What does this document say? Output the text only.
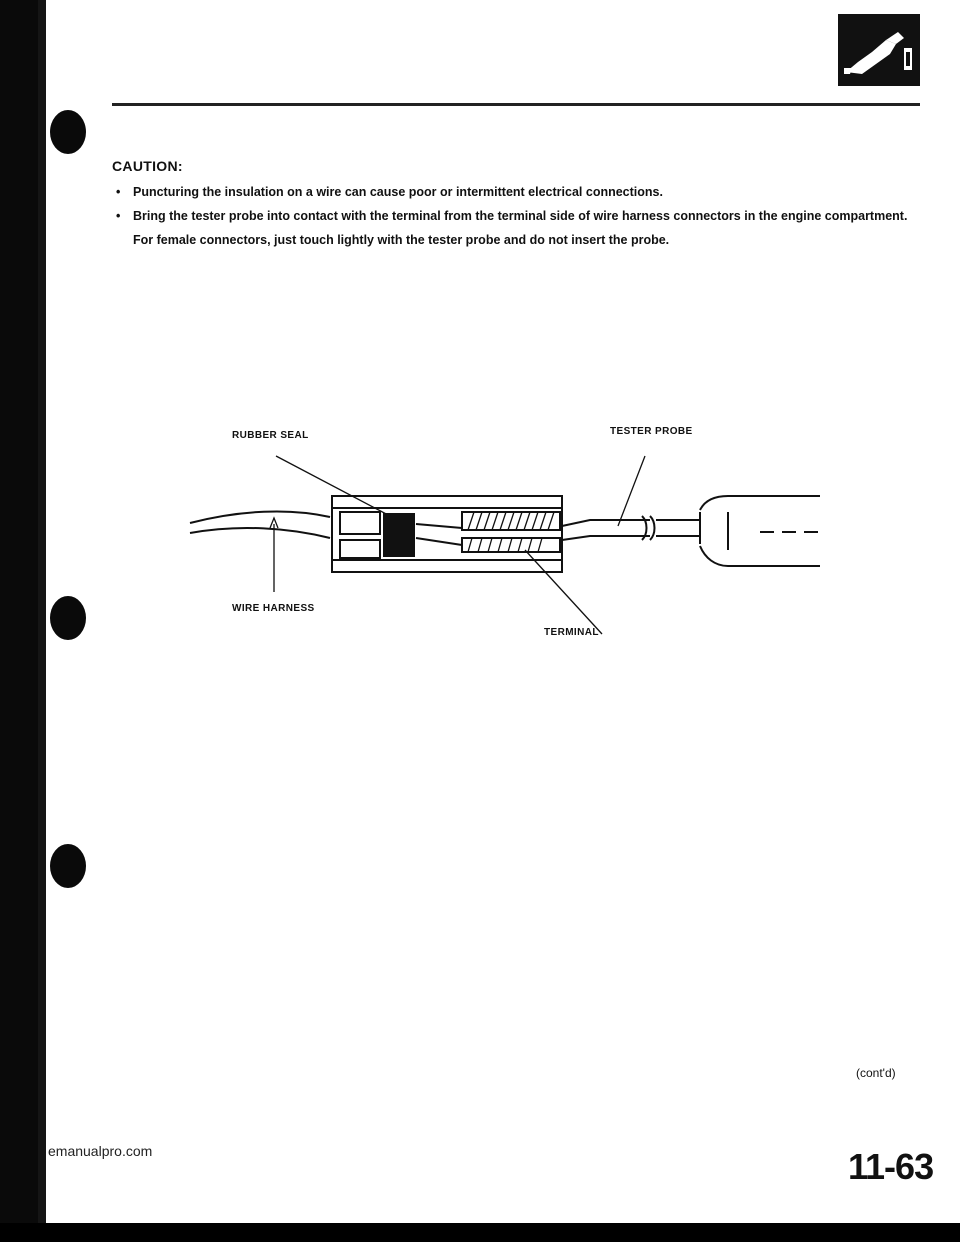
CAUTION:
• Puncturing the insulation on a wire can cause poor or intermittent electrical connections.
• Bring the tester probe into contact with the terminal from the terminal side of wire harness connectors in the engine compartment. For female connectors, just touch lightly with the tester probe and do not insert the probe.
RUBBER SEAL	TESTER PROBE
WIRE HARNESS
TERMINAL
(cont'd)
11-63
emanualpro.com
